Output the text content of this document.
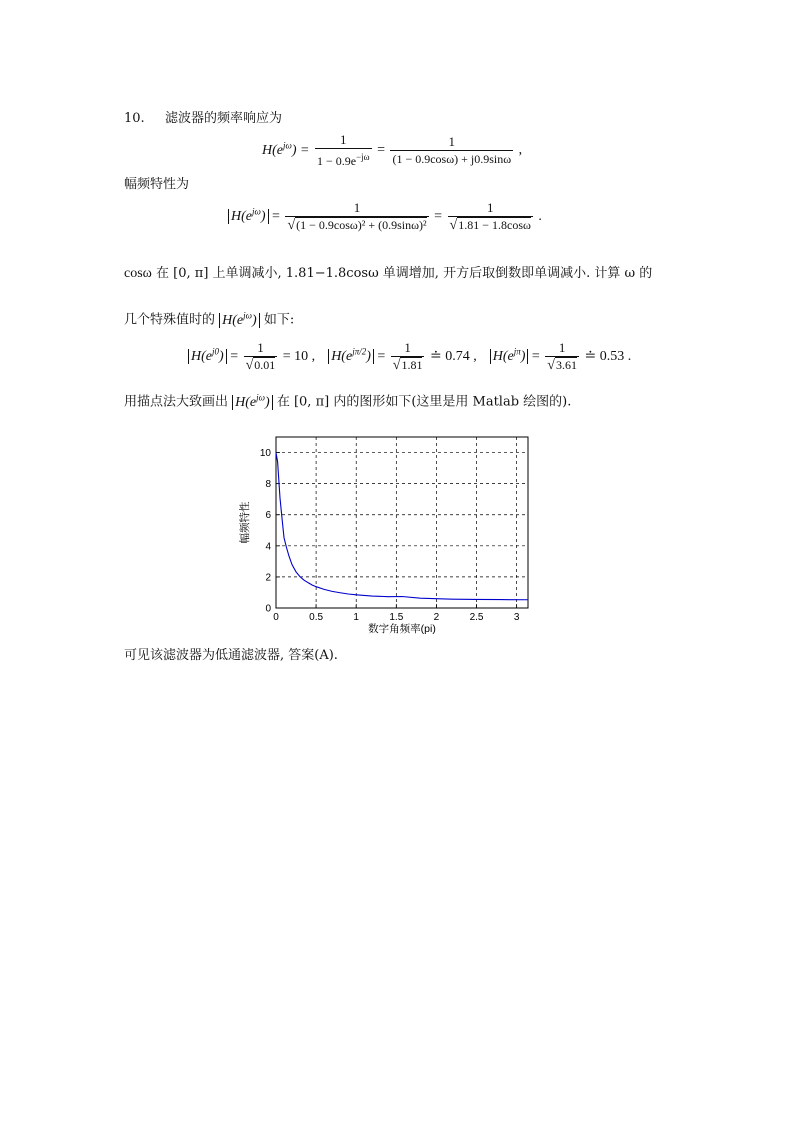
10. 滤波器的频率响应为
$H(e^{j\omega}) = \frac{1}{1 - 0.9e^{-j\omega}} = \frac{1}{(1 - 0.9\cos\omega) + j0.9\sin\omega}$ ,
幅频特性为
$H(e^{j\omega}) = \frac{1}{\text{√(1 − 0.9cosω)² + (0.9sinω)²}} = \frac{1}{√1.81 - 1.8\cos\omega}$ .
cosω 在 [0, π] 上单调减小, 1.81−1.8cosω 单调增加, 开方后取倒数即单调减小. 计算 ω 的
几个特殊值时的 $H(e^{j\omega})$ 如下:
$H(e^{j0}) = \frac{1}{√0.01} = 10$ , $H(e^{j\pi/2}) = \frac{1}{√1.81}$ ≐ 0.74 , $H(e^{j\pi}) = \frac{1}{√3.61}$ ≐ 0.53 .
用描点法大致画出 $H(e^{j\omega})$ 在 [0, π] 内的图形如下(这里是用 Matlab 绘图的).
0	0.5	1	1.5	2	2.5	3
0
2
4
6
8
10
数字角频率(pi)
幅频特性
可见该滤波器为低通滤波器, 答案(A).
